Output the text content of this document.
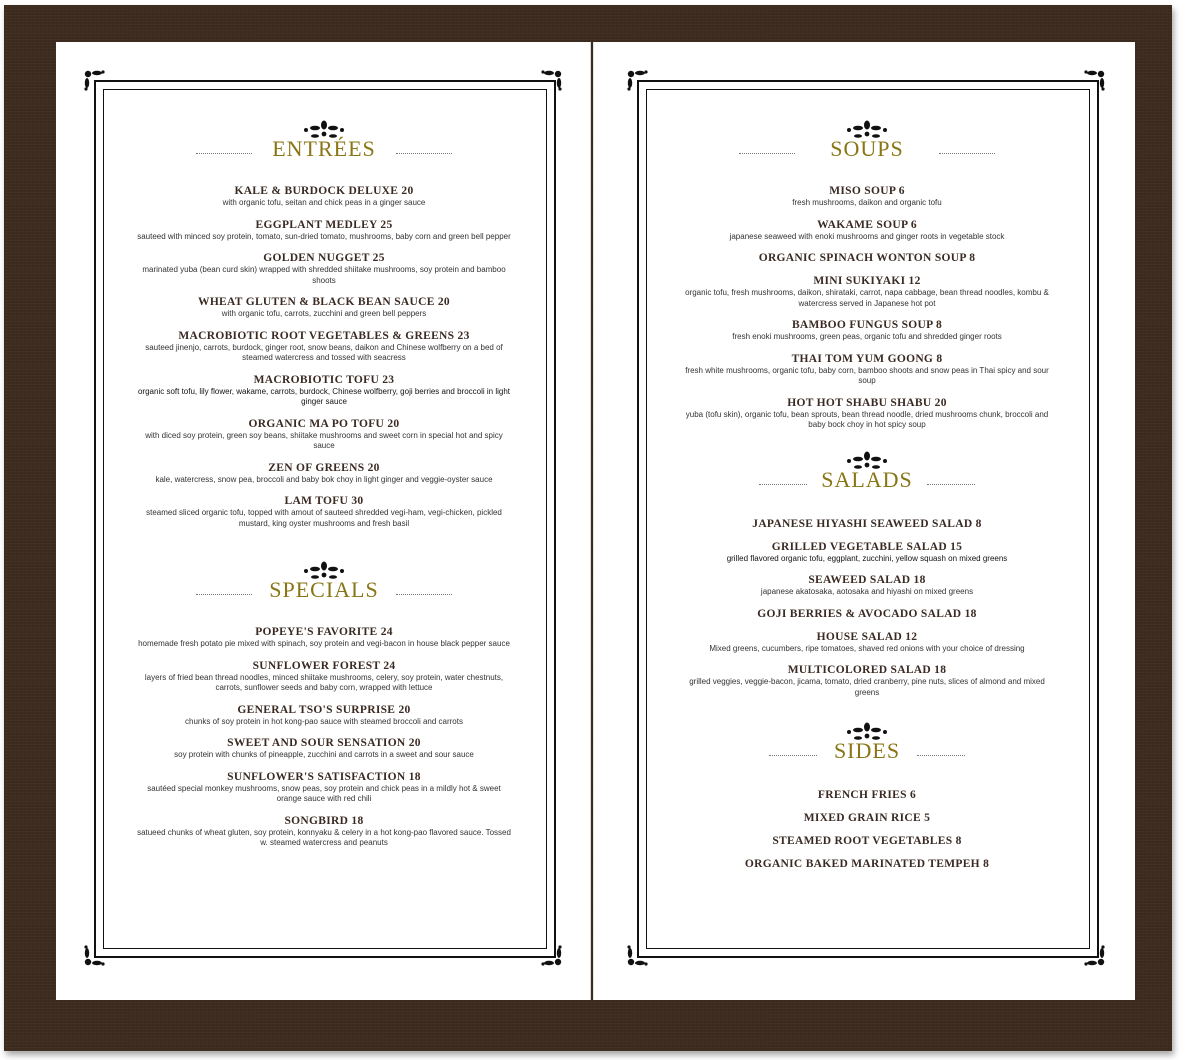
ENTRÉES
KALE & BURDOCK DELUXE 20
with organic tofu, seitan and chick peas in a ginger sauce
EGGPLANT MEDLEY 25
sauteed with minced soy protein, tomato, sun-dried tomato, mushrooms, baby corn and green bell pepper
GOLDEN NUGGET 25
marinated yuba (bean curd skin) wrapped with shredded shiitake mushrooms, soy protein and bamboo shoots
WHEAT GLUTEN & BLACK BEAN SAUCE 20
with organic tofu, carrots, zucchini and green bell peppers
MACROBIOTIC ROOT VEGETABLES & GREENS 23
sauteed jinenjo, carrots, burdock, ginger root, snow beans, daikon and Chinese wolfberry on a bed of steamed watercress and tossed with seacress
MACROBIOTIC TOFU 23
organic soft tofu, lily flower, wakame, carrots, burdock, Chinese wolfberry, goji berries and broccoli in light ginger sauce
ORGANIC MA PO TOFU 20
with diced soy protein, green soy beans, shiitake mushrooms and sweet corn in special hot and spicy sauce
ZEN OF GREENS 20
kale, watercress, snow pea, broccoli and baby bok choy in light ginger and veggie-oyster sauce
LAM TOFU 30
steamed sliced organic tofu, topped with amout of sauteed shredded vegi-ham, vegi-chicken, pickled mustard, king oyster mushrooms and fresh basil
SPECIALS
POPEYE'S FAVORITE 24
homemade fresh potato pie mixed with spinach, soy protein and vegi-bacon in house black pepper sauce
SUNFLOWER FOREST 24
layers of fried bean thread noodles, minced shiitake mushrooms, celery, soy protein, water chestnuts, carrots, sunflower seeds and baby corn, wrapped with lettuce
GENERAL TSO'S SURPRISE 20
chunks of soy protein in hot kong-pao sauce with steamed broccoli and carrots
SWEET AND SOUR SENSATION 20
soy protein with chunks of pineapple, zucchini and carrots in a sweet and sour sauce
SUNFLOWER'S SATISFACTION 18
sautéed special monkey mushrooms, snow peas, soy protein and chick peas in a mildly hot & sweet orange sauce with red chili
SONGBIRD 18
satueed chunks of wheat gluten, soy protein, konnyaku & celery in a hot kong-pao flavored sauce. Tossed w. steamed watercress and peanuts
SOUPS
MISO SOUP 6
fresh mushrooms, daikon and organic tofu
WAKAME SOUP 6
japanese seaweed with enoki mushrooms and ginger roots in vegetable stock
ORGANIC SPINACH WONTON SOUP 8
MINI SUKIYAKI 12
organic tofu, fresh mushrooms, daikon, shirataki, carrot, napa cabbage, bean thread noodles, kombu & watercress served in Japanese hot pot
BAMBOO FUNGUS SOUP 8
fresh enoki mushrooms, green peas, organic tofu and shredded ginger roots
THAI TOM YUM GOONG 8
fresh white mushrooms, organic tofu, baby corn, bamboo shoots and snow peas in Thai spicy and sour soup
HOT HOT SHABU SHABU 20
yuba (tofu skin), organic tofu, bean sprouts, bean thread noodle, dried mushrooms chunk, broccoli and baby bock choy in hot spicy soup
SALADS
JAPANESE HIYASHI SEAWEED SALAD 8
GRILLED VEGETABLE SALAD 15
grilled flavored organic tofu, eggplant, zucchini, yellow squash on mixed greens
SEAWEED SALAD 18
japanese akatosaka, aotosaka and hiyashi on mixed greens
GOJI BERRIES & AVOCADO SALAD 18
HOUSE SALAD 12
Mixed greens, cucumbers, ripe tomatoes, shaved red onions with your choice of dressing
MULTICOLORED SALAD 18
grilled veggies, veggie-bacon, jicama, tomato, dried cranberry, pine nuts, slices of almond and mixed greens
SIDES
FRENCH FRIES 6
MIXED GRAIN RICE 5
STEAMED ROOT VEGETABLES 8
ORGANIC BAKED MARINATED TEMPEH 8
